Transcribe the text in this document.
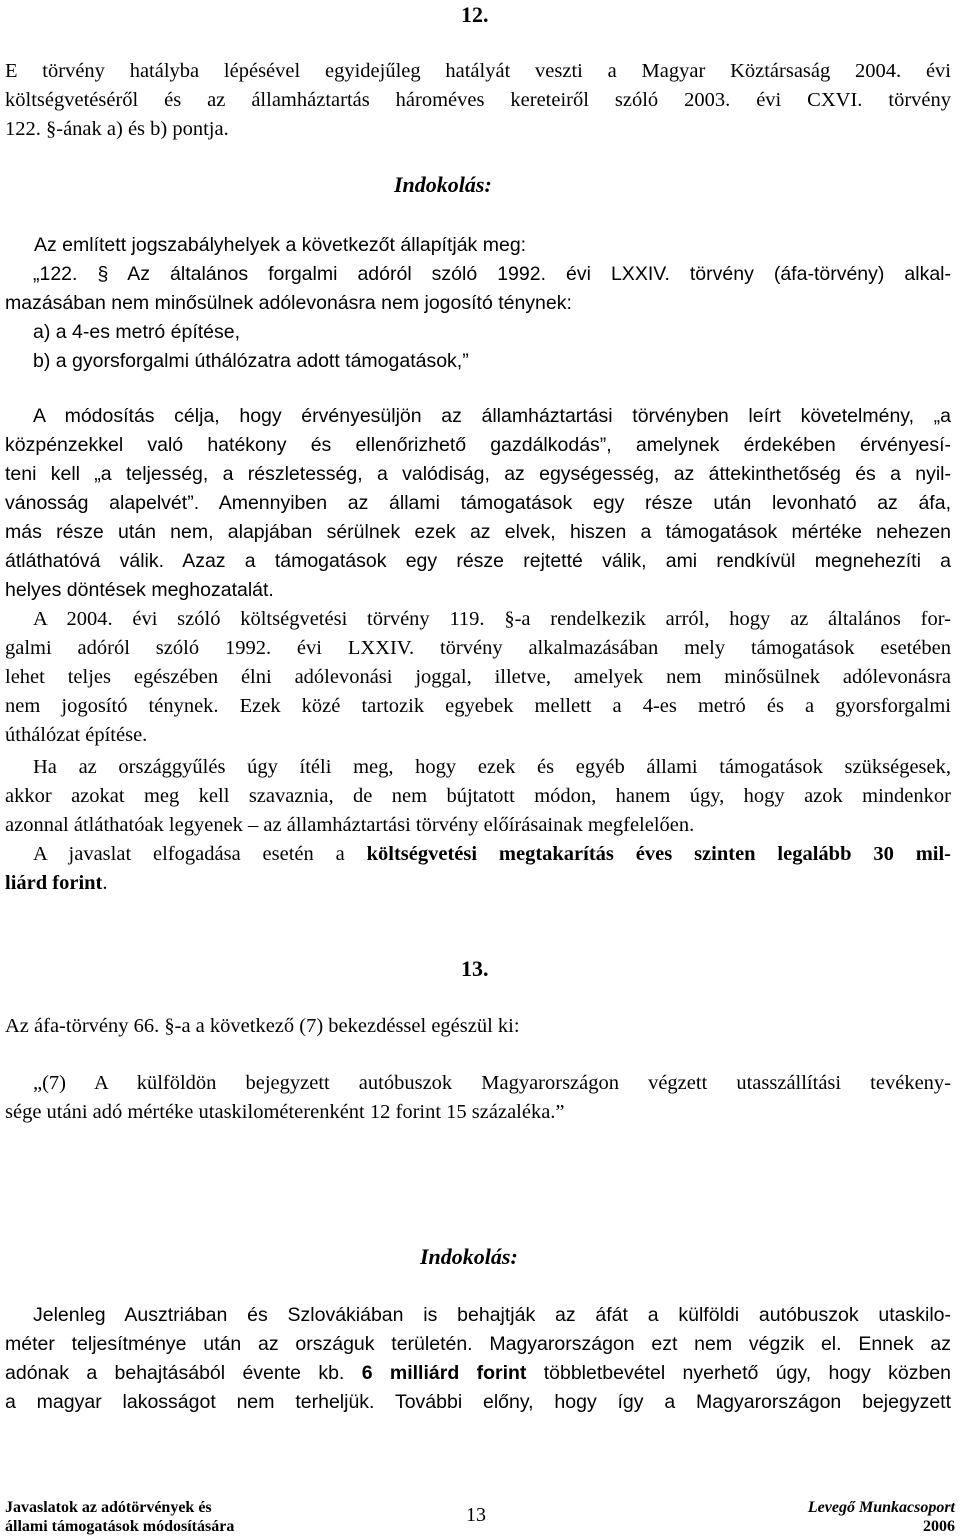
12.

E törvény hatályba lépésével egyidejűleg hatályát veszti a Magyar Köztársaság 2004. évi
költségvetéséről és az államháztartás hároméves kereteiről szóló 2003. évi CXVI. törvény
122. §-ának a) és b) pontja.

Indokolás:
Az említett jogszabályhelyek a következőt állapítják meg:
„122. § Az általános forgalmi adóról szóló 1992. évi LXXIV. törvény (áfa-törvény) alkal-
mazásában nem minősülnek adólevonásra nem jogosító ténynek:
a) a 4-es metró építése,
b) a gyorsforgalmi úthálózatra adott támogatások,”
A módosítás célja, hogy érvényesüljön az államháztartási törvényben leírt követelmény, „a
közpénzekkel való hatékony és ellenőrizhető gazdálkodás”, amelynek érdekében érvényesí-
teni kell „a teljesség, a részletesség, a valódiság, az egységesség, az áttekinthetőség és a nyil-
vánosság alapelvét”. Amennyiben az állami támogatások egy része után levonható az áfa,
más része után nem, alapjában sérülnek ezek az elvek, hiszen a támogatások mértéke nehezen
átláthatóvá válik. Azaz a támogatások egy része rejtetté válik, ami rendkívül megnehezíti a
helyes döntések meghozatalát.

A 2004. évi szóló költségvetési törvény 119. §-a rendelkezik arról, hogy az általános for-
galmi adóról szóló 1992. évi LXXIV. törvény alkalmazásában mely támogatások esetében
lehet teljes egészében élni adólevonási joggal, illetve, amelyek nem minősülnek adólevonásra
nem jogosító ténynek. Ezek közé tartozik egyebek mellett a 4-es metró és a gyorsforgalmi
úthálózat építése.

Ha az országgyűlés úgy ítéli meg, hogy ezek és egyéb állami támogatások szükségesek,
akkor azokat meg kell szavaznia, de nem bújtatott módon, hanem úgy, hogy azok mindenkor
azonnal átláthatóak legyenek – az államháztartási törvény előírásainak megfelelően.

A javaslat elfogadása esetén a költségvetési megtakarítás éves szinten legalább 30 mil-
liárd forint.

13.
Az áfa-törvény 66. §-a a következő (7) bekezdéssel egészül ki:

„(7) A külföldön bejegyzett autóbuszok Magyarországon végzett utasszállítási tevékeny-
sége utáni adó mértéke utaskilométerenként 12 forint 15 százaléka.”

Indokolás:
Jelenleg Ausztriában és Szlovákiában is behajtják az áfát a külföldi autóbuszok utaskilo-
méter teljesítménye után az országuk területén. Magyarországon ezt nem végzik el. Ennek az
adónak a behajtásából évente kb. 6 milliárd forint többletbevétel nyerhető úgy, hogy közben
a magyar lakosságot nem terheljük. További előny, hogy így a Magyarországon bejegyzett
Javaslatok az adótörvények és
állami támogatások módosítására
13	Levegő Munkacsoport
2006
